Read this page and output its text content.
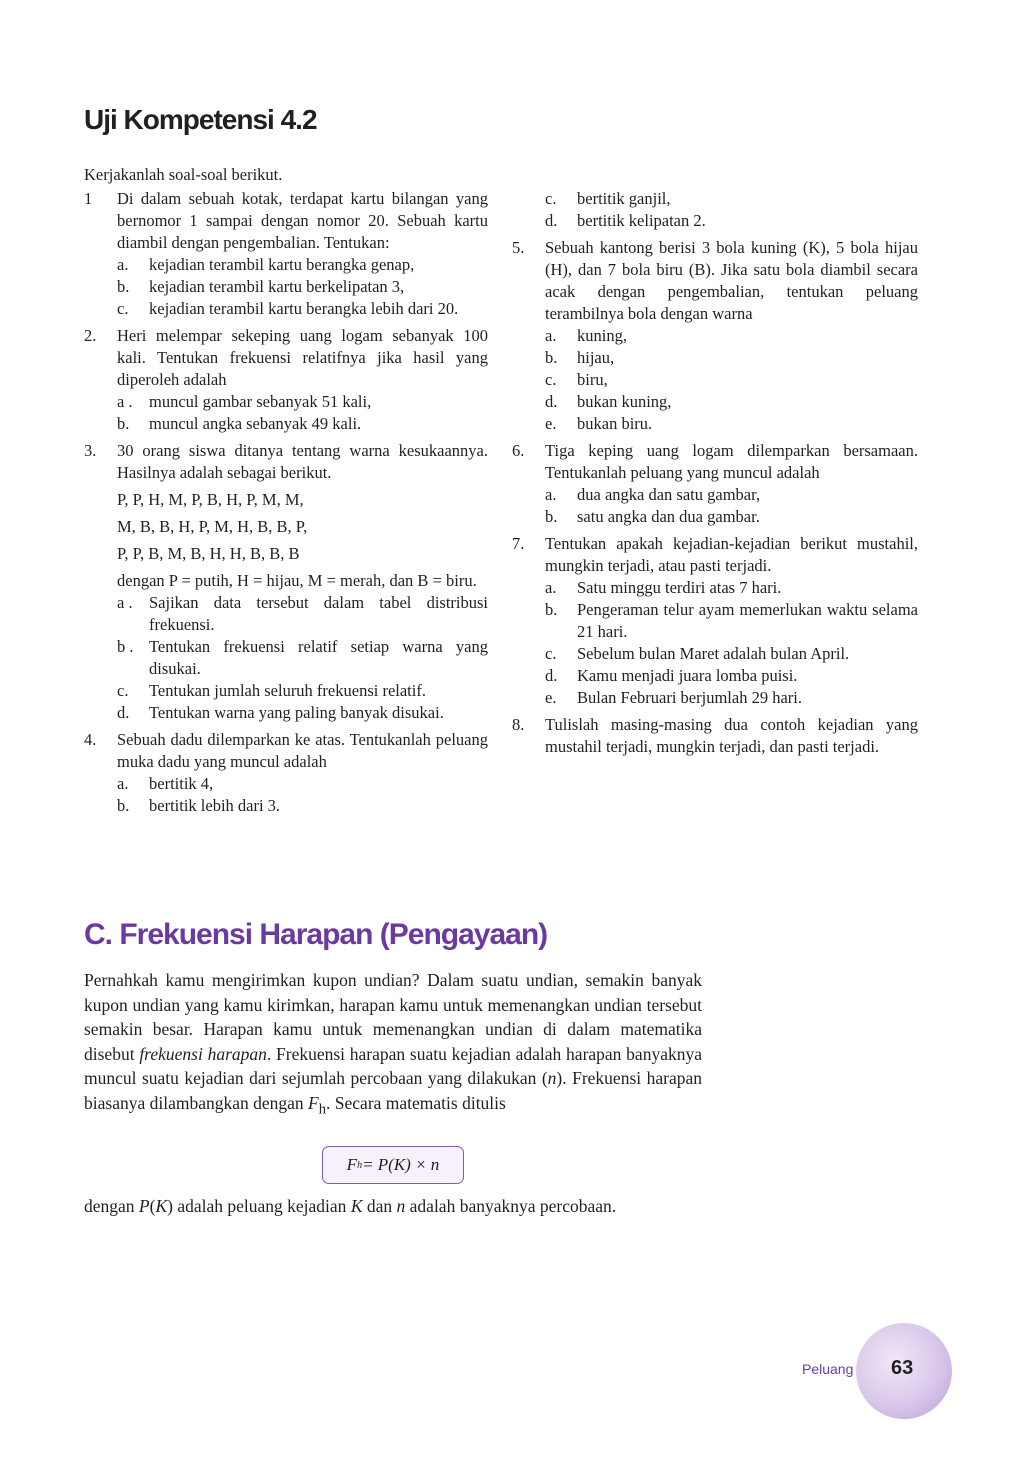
Uji Kompetensi 4.2

Kerjakanlah soal-soal berikut.

1	Di dalam sebuah kotak, terdapat kartu bilangan yang bernomor 1 sampai dengan nomor 20. Sebuah kartu diambil dengan pengembalian. Tentukan:

a.	kejadian terambil kartu berangka genap,
b.	kejadian terambil kartu berkelipatan 3,
c.	kejadian terambil kartu berangka lebih dari 20.
2.	Heri melempar sekeping uang logam sebanyak 100 kali. Tentukan frekuensi relatifnya jika hasil yang diperoleh adalah

a . muncul gambar sebanyak 51 kali,
b.	muncul angka sebanyak 49 kali.
3.	30 orang siswa ditanya tentang warna kesukaannya. Hasilnya adalah sebagai berikut.

P, P, H, M, P, B, H, P, M, M,

M, B, B, H, P, M, H, B, B, P,

P, P, B, M, B, H, H, B, B, B

dengan P = putih, H = hijau, M = merah, dan B = biru.

a . Sajikan data tersebut dalam tabel distribusi frekuensi.
b . Tentukan frekuensi relatif setiap warna yang disukai.
c.	Tentukan jumlah seluruh frekuensi relatif.
d.	Tentukan warna yang paling banyak disukai.
4.	Sebuah dadu dilemparkan ke atas. Tentukanlah peluang muka dadu yang muncul adalah

a.	bertitik 4,
b.	bertitik lebih dari 3.
c.	bertitik ganjil,
d.	bertitik kelipatan 2.
5.	Sebuah kantong berisi 3 bola kuning (K), 5 bola hijau (H), dan 7 bola biru (B). Jika satu bola diambil secara acak dengan pengembalian, tentukan peluang terambilnya bola dengan warna

a.	kuning,
b.	hijau,
c.	biru,
d.	bukan kuning,
e.	bukan biru.
6.	Tiga keping uang logam dilemparkan bersamaan. Tentukanlah peluang yang muncul adalah

a.	dua angka dan satu gambar,
b.	satu angka dan dua gambar.
7.	Tentukan apakah kejadian-kejadian berikut mustahil, mungkin terjadi, atau pasti terjadi.

a.	Satu minggu terdiri atas 7 hari.
b.	Pengeraman telur ayam memerlukan waktu selama 21 hari.
c.	Sebelum bulan Maret adalah bulan April.
d.	Kamu menjadi juara lomba puisi.
e.	Bulan Februari berjumlah 29 hari.
8.	Tulislah masing-masing dua contoh kejadian yang mustahil terjadi, mungkin terjadi, dan pasti terjadi.

C. Frekuensi Harapan (Pengayaan)

Pernahkah kamu mengirimkan kupon undian? Dalam suatu undian, semakin banyak kupon undian yang kamu kirimkan, harapan kamu untuk memenangkan undian tersebut semakin besar. Harapan kamu untuk memenangkan undian di dalam matematika disebut frekuensi harapan. Frekuensi harapan suatu kejadian adalah harapan banyaknya muncul suatu kejadian dari sejumlah percobaan yang dilakukan (n). Frekuensi harapan biasanya dilambangkan dengan $F_h$. Secara matematis ditulis

F h = P(K) × n

dengan P(K) adalah peluang kejadian K dan n adalah banyaknya percobaan.

Peluang 63
